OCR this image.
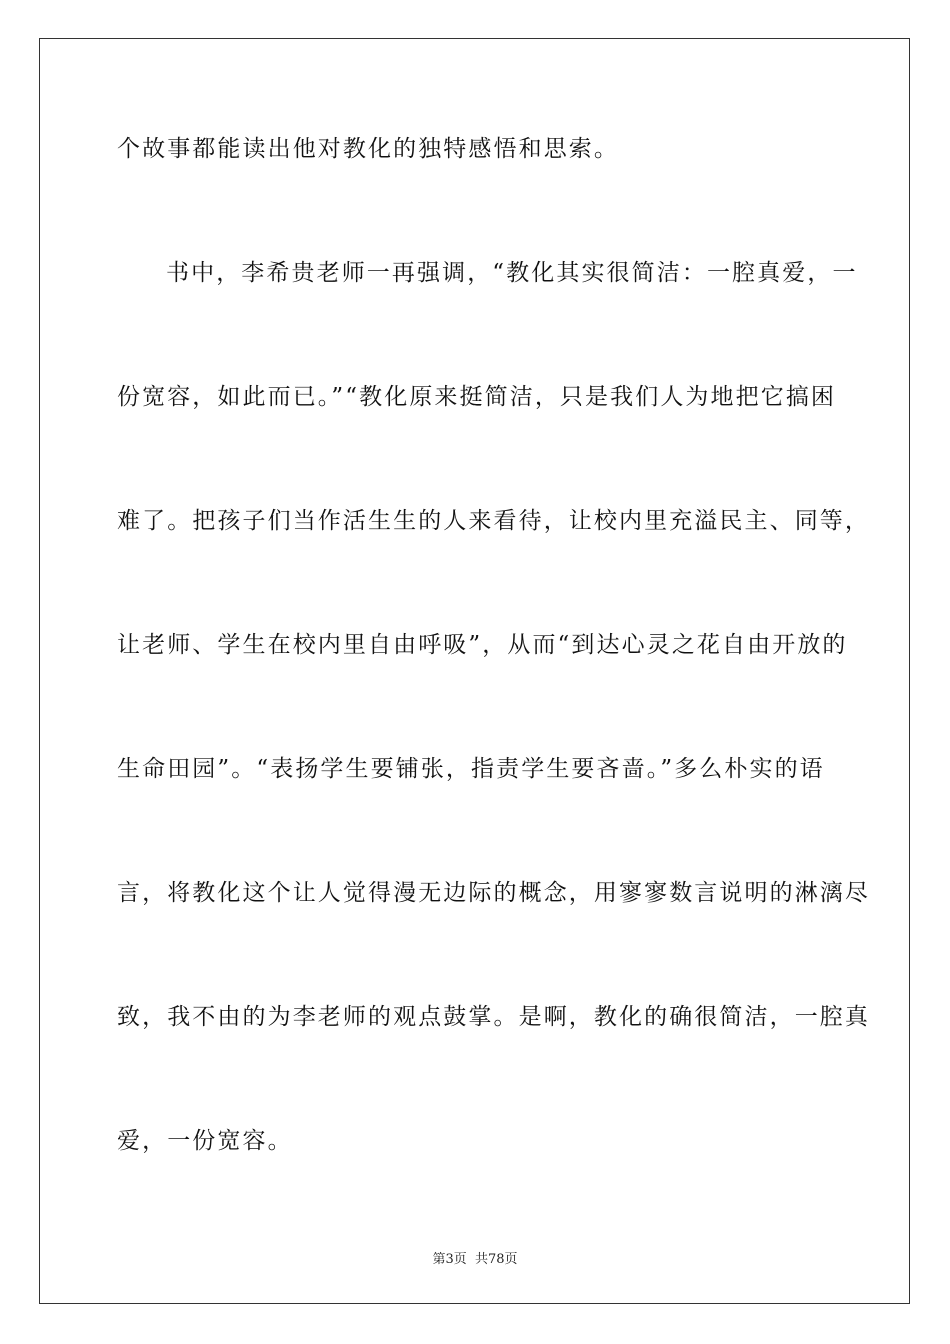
个故事都能读出他对教化的独特感悟和思索。
书中，李希贵老师一再强调，“教化其实很简洁：一腔真爱，一
份宽容，如此而已。”“教化原来挺简洁，只是我们人为地把它搞困
难了。把孩子们当作活生生的人来看待，让校内里充溢民主、同等，
让老师、学生在校内里自由呼吸”，从而“到达心灵之花自由开放的
生命田园”。“表扬学生要铺张，指责学生要吝啬。”多么朴实的语
言，将教化这个让人觉得漫无边际的概念，用寥寥数言说明的淋漓尽
致，我不由的为李老师的观点鼓掌。是啊，教化的确很简洁，一腔真
爱，一份宽容。
第3页 共78页
